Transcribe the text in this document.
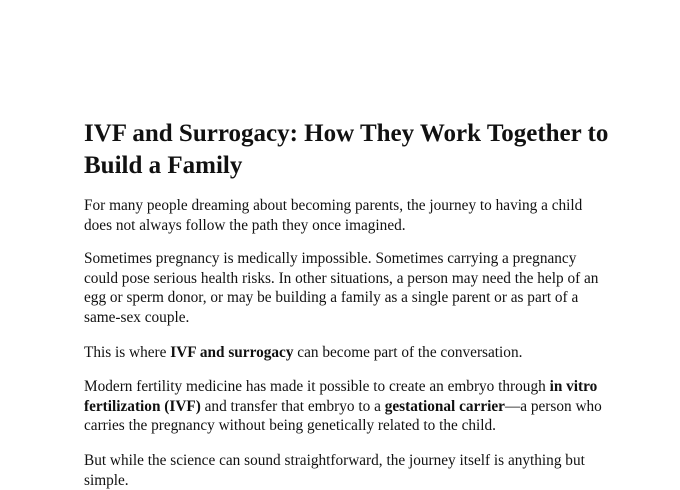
IVF and Surrogacy: How They Work Together to Build a Family

For many people dreaming about becoming parents, the journey to having a child does not always follow the path they once imagined.

Sometimes pregnancy is medically impossible. Sometimes carrying a pregnancy could pose serious health risks. In other situations, a person may need the help of an egg or sperm donor, or may be building a family as a single parent or as part of a same-sex couple.

This is where IVF and surrogacy can become part of the conversation.

Modern fertility medicine has made it possible to create an embryo through in vitro fertilization (IVF) and transfer that embryo to a gestational carrier—a person who carries the pregnancy without being genetically related to the child.

But while the science can sound straightforward, the journey itself is anything but simple.
